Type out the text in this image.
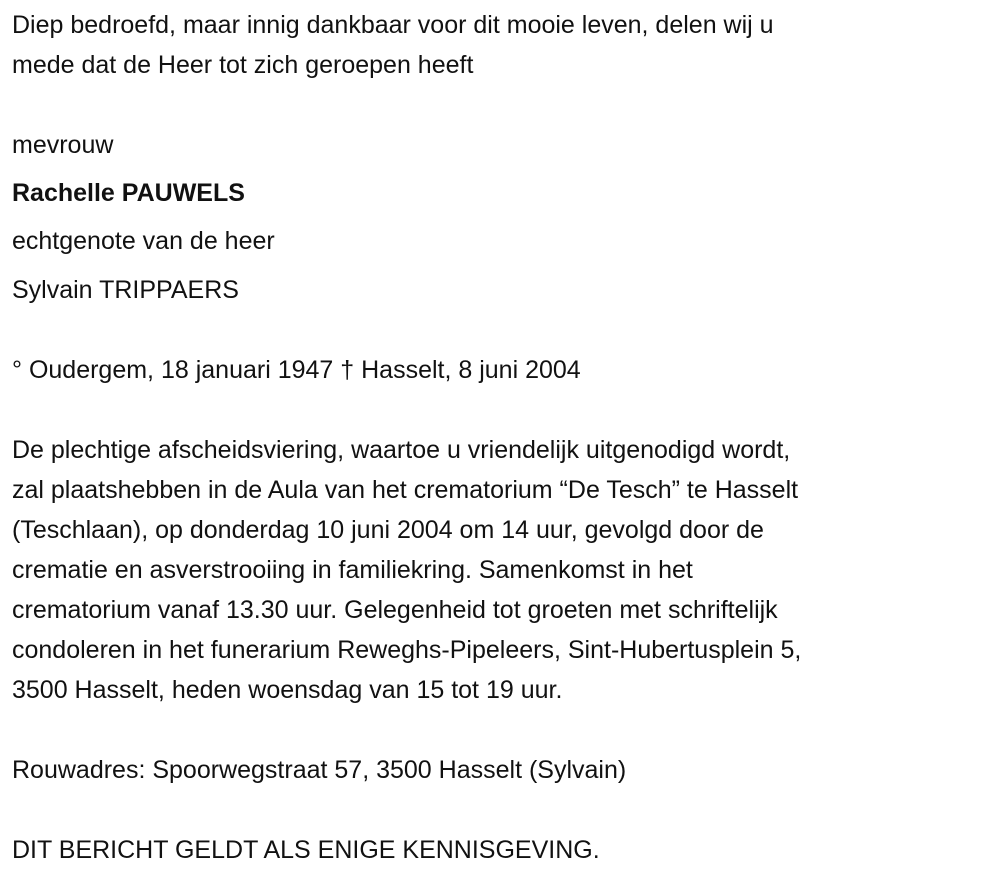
Diep bedroefd, maar innig dankbaar voor dit mooie leven, delen wij u
mede dat de Heer tot zich geroepen heeft
mevrouw
Rachelle PAUWELS
echtgenote van de heer
Sylvain TRIPPAERS
° Oudergem, 18 januari 1947 † Hasselt, 8 juni 2004
De plechtige afscheidsviering, waartoe u vriendelijk uitgenodigd wordt,
zal plaatshebben in de Aula van het crematorium “De Tesch” te Hasselt
(Teschlaan), op donderdag 10 juni 2004 om 14 uur, gevolgd door de
crematie en asverstrooiing in familiekring. Samenkomst in het
crematorium vanaf 13.30 uur. Gelegenheid tot groeten met schriftelijk
condoleren in het funerarium Reweghs-Pipeleers, Sint-Hubertusplein 5,
3500 Hasselt, heden woensdag van 15 tot 19 uur.
Rouwadres: Spoorwegstraat 57, 3500 Hasselt (Sylvain)
DIT BERICHT GELDT ALS ENIGE KENNISGEVING.
